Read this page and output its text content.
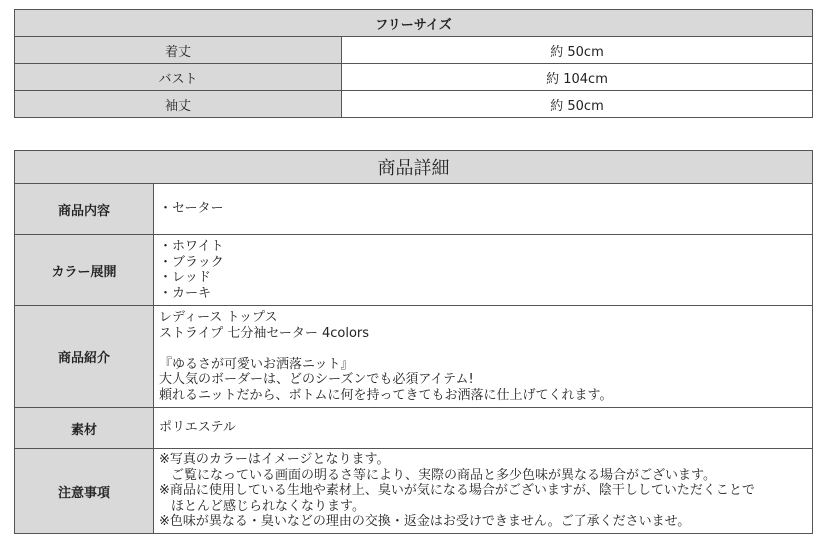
フリーサイズ	
着丈	約 50cm
バスト	約 104cm
袖丈	約 50cm
商品詳細	
商品内容	・セーター

カラー展開	・ホワイト
・ブラック
・レッド
・カーキ

商品紹介	レディース トップス
ストライプ 七分袖セーター 4colors

『ゆるさが可愛いお洒落ニット』
大人気のボーダーは、どのシーズンでも必須アイテム!
頼れるニットだから、ボトムに何を持ってきてもお洒落に仕上げてくれます。

素材	ポリエステル

注意事項	※写真のカラーはイメージとなります。
ご覧になっている画面の明るさ等により、実際の商品と多少色味が異なる場合がございます。
※商品に使用している生地や素材上、臭いが気になる場合がございますが、陰干ししていただくことで
ほとんど感じられなくなります。
※色味が異なる・臭いなどの理由の交換・返金はお受けできません。ご了承くださいませ。
